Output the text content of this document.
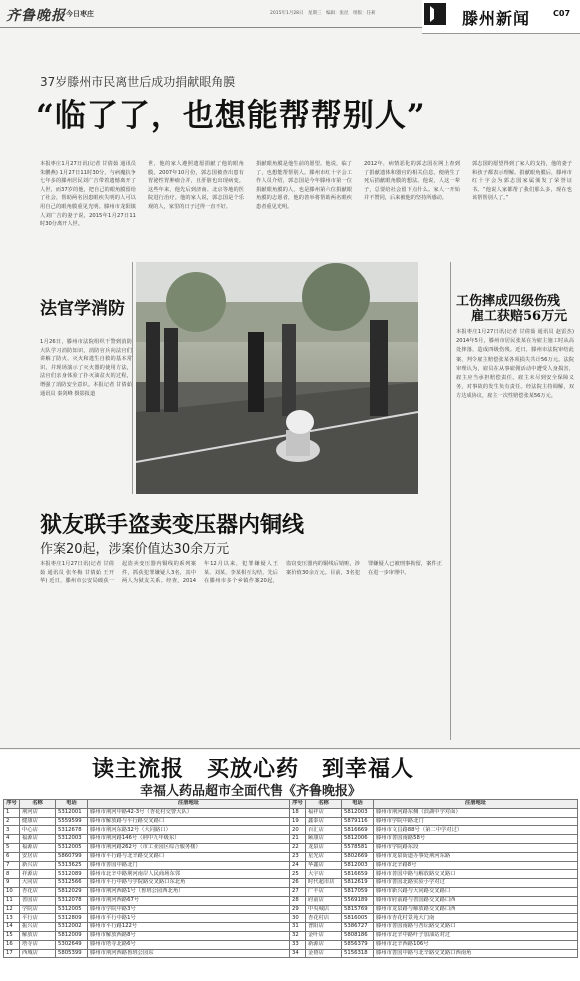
齐鲁晚报 今日枣庄	2015年1月28日　星期三　编辑：张昆　组版：任莉	滕州新闻	C07
37岁滕州市民离世后成功捐献眼角膜
“临了了，也想能帮帮别人”
本报枣庄1月27日讯(记者 甘倩茹 通讯员 朱鹏燕) 1月27日11时30分，与病魔抗争七年多的滕州居民刘广吉带着遗憾离开了人世，而37岁的他，把自己的眼角膜留给了社会，帮助两名因患眼疾失明的人可以用自己的眼角膜重见光明。滕州市龙阳镇人刘广吉的妻子说，2015年1月27日11时30分离开人世。
世，他的家人遵照遗愿捐献了他的眼角膜。2007年10月份，郭志国被查出患有胃泌性胃肿瘤合并，且肝脏也出现病变。这些年来，他先后到济南、北京等地的医院进行治疗。他的家人说，郭志国是个乐观的人，家里的日子过得一直不好。
捐献眼角膜是他生前的愿望。他说，临了了，也想能帮帮别人。滕州市红十字会工作人员介绍，郭志国是今年滕州市第一位捐献眼角膜的人，也是滕州第六位捐献眼角膜的志愿者，他的善举将帮助两名眼疾患者重见光明。
2012年，病情恶化的郭志国在网上查到了捐献遗体和器官的相关信息，便萌生了死后捐献眼角膜的想法。他说，人这一辈子，总要给社会留下点什么。家人一开始并不赞同，后来被他的坚持所感动。
郭志国的愿望得到了家人的支持，他的妻子和孩子都表示理解。捐献眼角膜后，滕州市红十字会为郭志国家属颁发了荣誉证书。“他说人家都帮了我们那么多，现在也该帮帮别人了。”
法官学消防
1月26日，滕州市法院组织干警到消防大队学习消防知识，消防官兵向法官们讲解了防火、灭火和逃生自救的基本常识，并现场演示了灭火器的使用方法，法官们亲身体验了扑灭油盆火的过程，增强了消防安全意识。本报记者 甘倩茹 通讯员 秦剑峰 摄影报道
工伤摔成四级伤残
雇工获赔56万元
本报枣庄1月27日讯(记者 甘倩茹 通讯员 赵雷杰) 2014年5月，滕州市居民张某在为雇主施工时从高处摔落，造成四级伤残。近日，滕州市法院审结此案，判令雇主赔偿张某各项损失共计56万元。法院审理认为，雇员在从事雇佣活动中遭受人身损害，雇主应当承担赔偿责任。雇主未尽到安全保障义务，对事故的发生负有责任。经法院主持调解，双方达成协议，雇主一次性赔偿张某56万元。
狱友联手盗卖变压器内铜线
作案20起，涉案价值达30余万元
本报枣庄1月27日讯(记者 甘倩茹 通讯员 张冬梅 甘倩茹 王开华) 近日，滕州市公安局破获一起盗卖变压器内铜线的系列案件，抓获犯罪嫌疑人3名，其中两人为狱友关系。经查，2014年12月以来，犯罪嫌疑人王某、刘某、李某相互勾结，先后在滕州市多个乡镇作案20起，盗窃变压器内的铜线后销赃，涉案价值30余万元。目前，3名犯罪嫌疑人已被刑事拘留，案件正在进一步审理中。
读主流报　买放心药　到幸福人
幸福人药品超市全面代售《齐鲁晚报》
序号	名称	电话	注册地址	序号	名称	电话	注册地址
1	荆河店	5312001	滕州市荆河中路42-3号（杏花村交警大队）	18	福祥店	5812003	滕州市荆河路东侧（滨湖中学对面）
2	健康店	5559599	滕州市解放路与平行路交叉路口	19	鑫泰店	5879116	滕州市学院中路北门
3	中心店	5312678	滕州市荆河东路32号（大同路口）	20	百汇店	5816669	滕州市文昌路88号（第二中学对过）
4	福源店	5312003	滕州市荆河路146号（荆中九年级东）	21	颐康店	5812006	滕州市善国南路58号
5	福源店	5312005	滕州市荆河路262号（市工业园区综合服务楼）	22	龙泉店	5578581	滕州市学院路东段
6	安居店	5860799	滕州市平行路与北辛路交叉路口	23	星光店	5802669	滕州市龙泉街道办事处荆河东路
7	新兴店	5313625	滕州市善国中路北门	24	华鑫店	5812003	滕州市北辛路8号
8	祥源店	5312089	滕州市北辛中路荆河南岸人民商场东邻	25	大宇店	5816659	滕州市善国中路与解放路交叉路口
9	大同店	5312566	滕州市平行中路与学院路交叉路口东北角	26	时代超市店	5812619	滕州市善国北路实验小学对过
10	杏花店	5812029	滕州市荆河西路1号（鲁班公园西北角）	27	广丰店	5817059	滕州市新兴路与大同路交叉路口
11	善国店	5312078	滕州市荆河西路67号	28	府前店	5569189	滕州市府前路与善国路交叉路口西
12	学院店	5312005	滕州市学院中路3号	29	中央城店	5815769	滕州市龙泉路与解放路交叉路口西
13	平行店	5312809	滕州市平行中路1号	30	杏花村店	5816005	滕州市杏花村景苑大门南
14	振兴店	5312002	滕州市平行路122号	31	普阳店	5386727	滕州市善国南路与杏坛路交叉路口
15	解放店	5812009	滕州市解放西路8号	32	金叶店	5808186	滕州市北辛中路叶子加油站对过
16	塔寺店	5302649	滕州市塔寺北路6号	33	新源店	5856379	滕州市北辛西路106号
17	西城店	5805399	滕州市荆河西路鲁班公园东	34	金禧店	5156318	滕州市善国中路与北辛路交叉路口西南角
